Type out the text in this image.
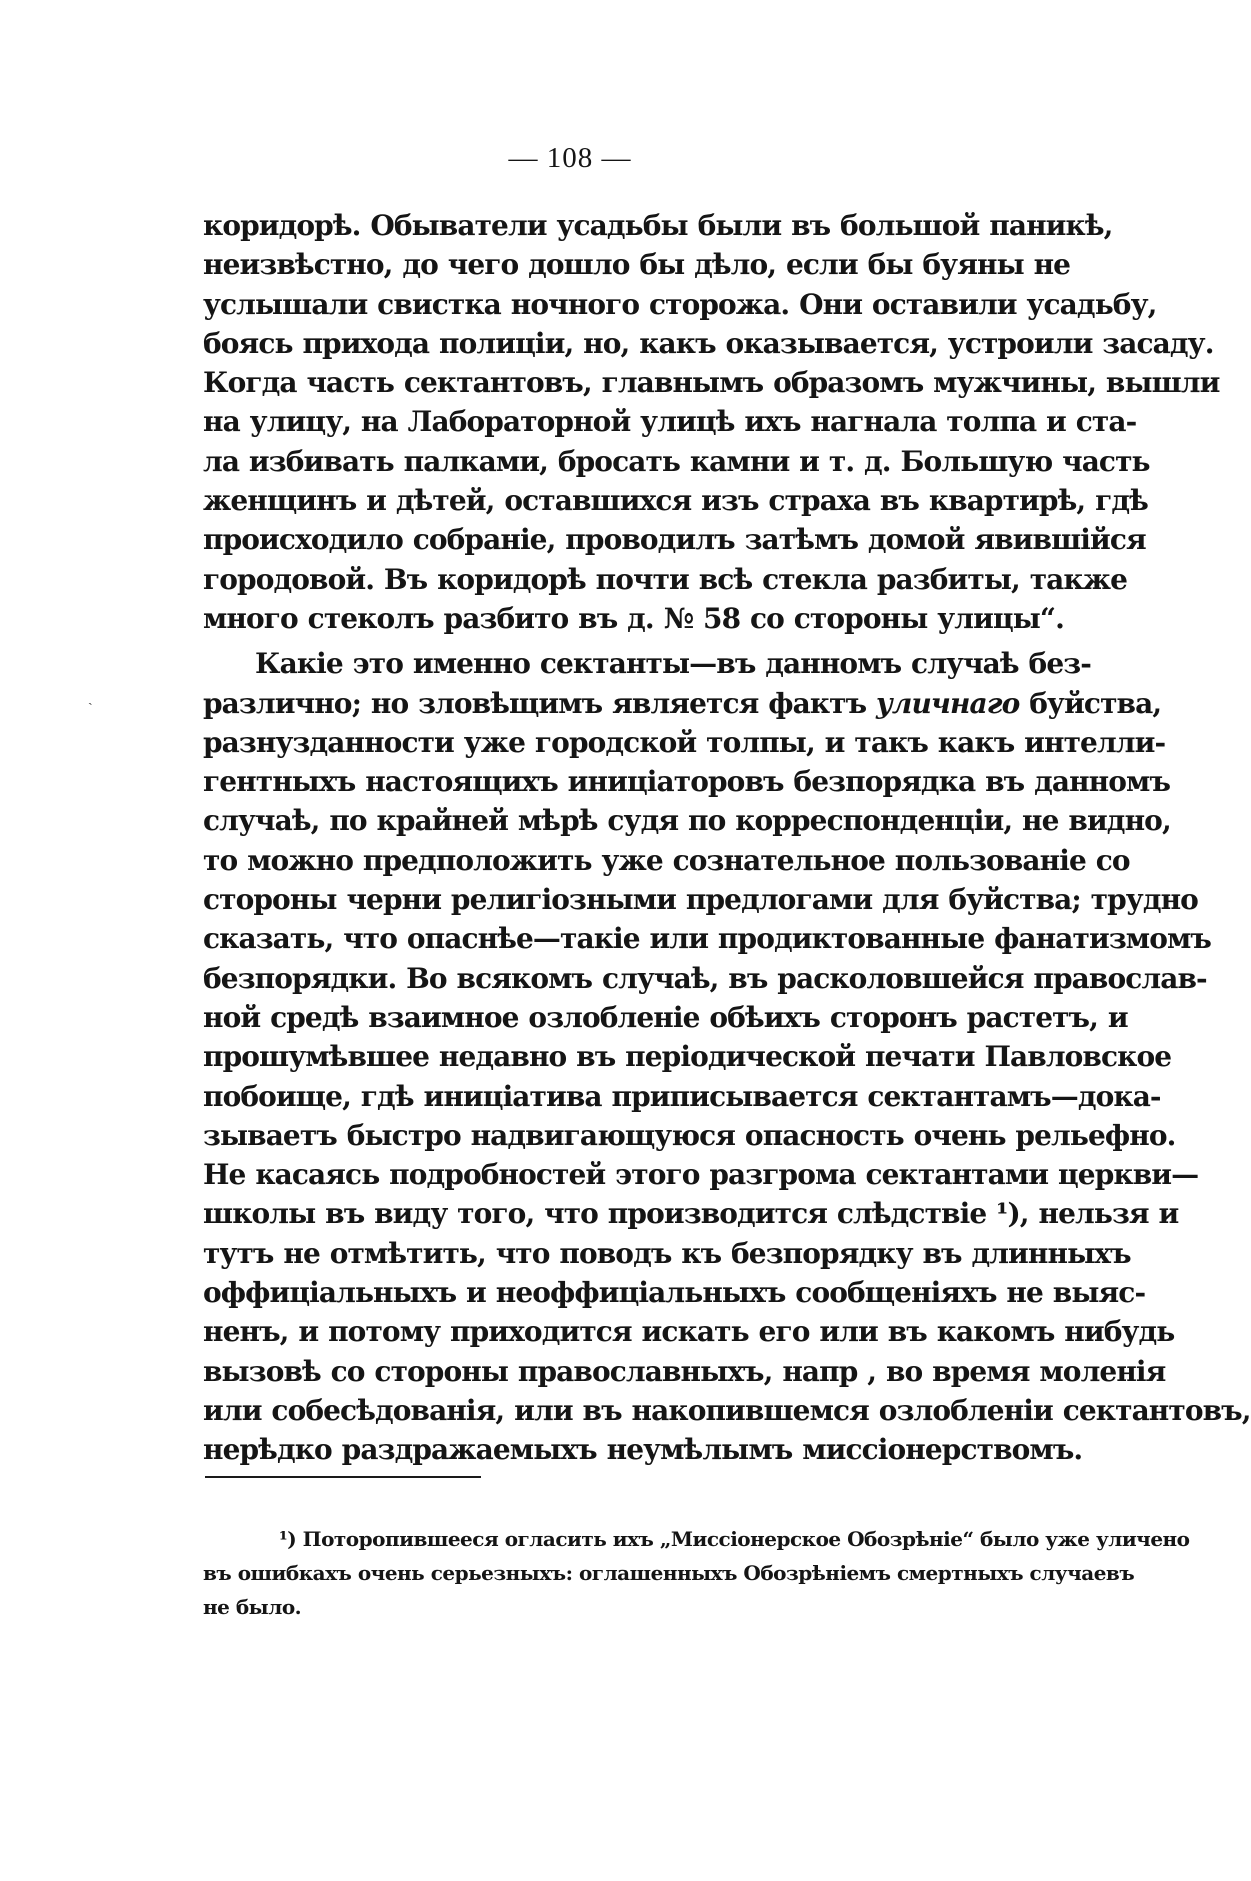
— 108 —
ˎ
коридорѣ. Обыватели усадьбы были въ большой паникѣ,
неизвѣстно, до чего дошло бы дѣло, если бы буяны не
услышали свистка ночного сторожа. Они оставили усадьбу,
боясь прихода полиціи, но, какъ оказывается, устроили засаду.
Когда часть сектантовъ, главнымъ образомъ мужчины, вышли
на улицу, на Лабораторной улицѣ ихъ нагнала толпа и ста-
ла избивать палками, бросать камни и т. д. Большую часть
женщинъ и дѣтей, оставшихся изъ страха въ квартирѣ, гдѣ
происходило собраніе, проводилъ затѣмъ домой явившійся
городовой. Въ коридорѣ почти всѣ стекла разбиты, также
много стеколъ разбито въ д. № 58 со стороны улицы“.
Какіе это именно сектанты—въ данномъ случаѣ без-
различно; но зловѣщимъ является фактъ уличнаго буйства,
разнузданности уже городской толпы, и такъ какъ интелли-
гентныхъ настоящихъ иниціаторовъ безпорядка въ данномъ
случаѣ, по крайней мѣрѣ судя по корреспонденціи, не видно,
то можно предположить уже сознательное пользованіе со
стороны черни религіозными предлогами для буйства; трудно
сказать, что опаснѣе—такіе или продиктованные фанатизмомъ
безпорядки. Во всякомъ случаѣ, въ расколовшейся православ-
ной средѣ взаимное озлобленіе обѣихъ сторонъ растетъ, и
прошумѣвшее недавно въ періодической печати Павловское
побоище, гдѣ иниціатива приписывается сектантамъ—дока-
зываетъ быстро надвигающуюся опасность очень рельефно.
Не касаясь подробностей этого разгрома сектантами церкви—
школы въ виду того, что производится слѣдствіе ¹), нельзя и
тутъ не отмѣтить, что поводъ къ безпорядку въ длинныхъ
оффиціальныхъ и неоффиціальныхъ сообщеніяхъ не выяс-
ненъ, и потому приходится искать его или въ какомъ нибудь
вызовѣ со стороны православныхъ, напр , во время моленія
или собесѣдованія, или въ накопившемся озлобленіи сектантовъ,
нерѣдко раздражаемыхъ неумѣлымъ миссіонерствомъ.
¹) Поторопившееся огласить ихъ „Миссіонерское Обозрѣніе“ было уже уличено
въ ошибкахъ очень серьезныхъ: оглашенныхъ Обозрѣніемъ смертныхъ случаевъ
не было.
